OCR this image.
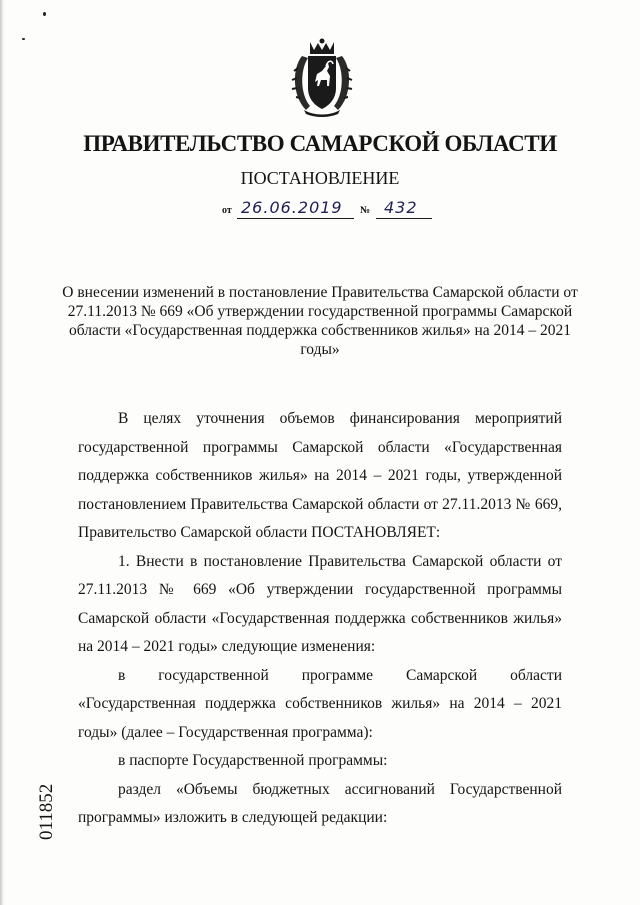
ПРАВИТЕЛЬСТВО САМАРСКОЙ ОБЛАСТИ
ПОСТАНОВЛЕНИЕ
от 26.06.2019 № 432
О внесении изменений в постановление Правительства Самарской области от 27.11.2013 № 669 «Об утверждении государственной программы Самарской области «Государственная поддержка собственников жилья» на 2014 – 2021 годы»

В целях уточнения объемов финансирования мероприятий государственной программы Самарской области «Государственная поддержка собственников жилья» на 2014 – 2021 годы, утвержденной постановлением Правительства Самарской области от 27.11.2013 № 669, Правительство Самарской области ПОСТАНОВЛЯЕТ:

1. Внести в постановление Правительства Самарской области от 27.11.2013 № 669 «Об утверждении государственной программы Самарской области «Государственная поддержка собственников жилья» на 2014 – 2021 годы» следующие изменения:

в государственной программе Самарской области «Государственная поддержка собственников жилья» на 2014 – 2021 годы» (далее – Государственная программа):

в паспорте Государственной программы:

раздел «Объемы бюджетных ассигнований Государственной программы» изложить в следующей редакции:

011852
